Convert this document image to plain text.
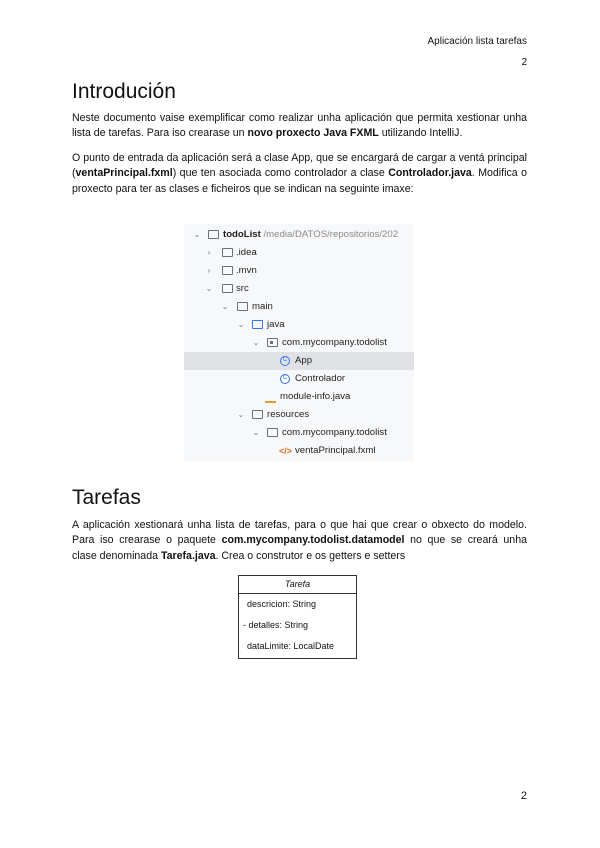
Aplicación lista tarefas
2
Introdución

Neste documento vaise exemplificar como realizar unha aplicación que permita xestionar unha lista de tarefas. Para iso crearase un novo proxecto Java FXML utilizando IntelliJ.

O punto de entrada da aplicación será a clase App, que se encargará de cargar a ventá principal (ventaPrincipal.fxml) que ten asociada como controlador a clase Controlador.java. Modifica o proxecto para ter as clases e ficheiros que se indican na seguinte imaxe:

⌄ todoList /media/DATOS/repositorios/202
›	.idea
›	.mvn
⌄ src
⌄ main
⌄ java
⌄ com.mycompany.todolist
C App
C Controlador
module-info.java
⌄ resources
⌄ com.mycompany.todolist
</> ventaPrincipal.fxml
Tarefas

A aplicación xestionará unha lista de tarefas, para o que hai que crear o obxecto do modelo. Para iso crearase o paquete com.mycompany.todolist.datamodel no que se creará unha clase denominada Tarefa.java. Crea o construtor e os getters e setters

Tarefa
descricion: String
- detalles: String
dataLimite: LocalDate
2
